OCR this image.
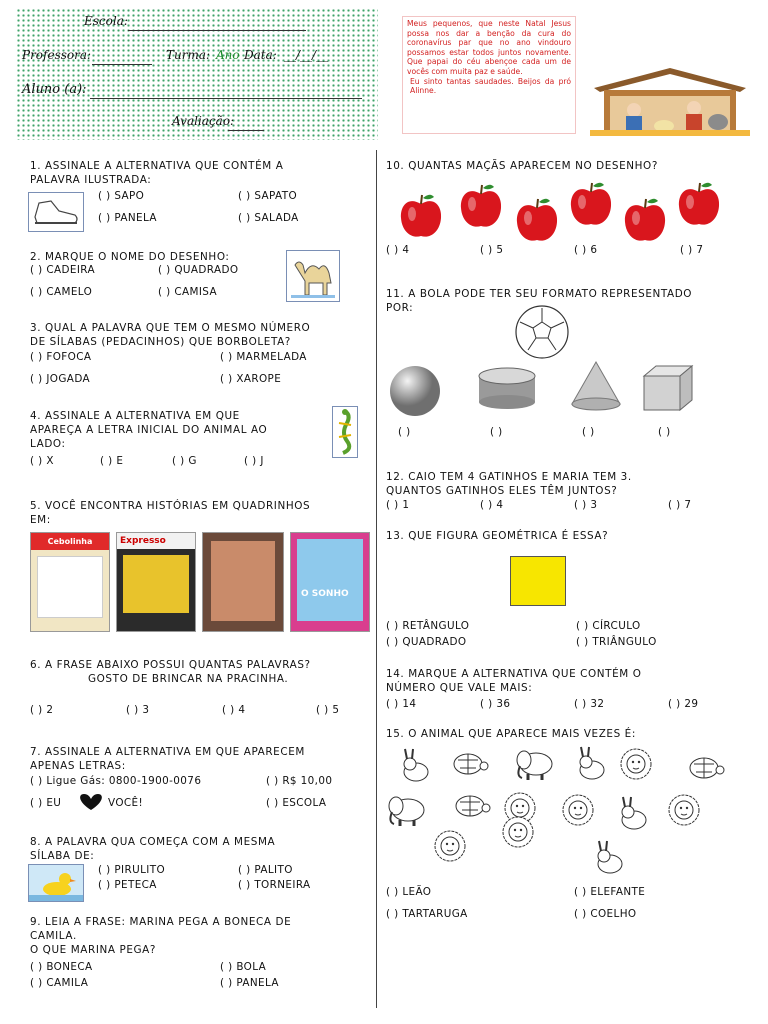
Escola:
Professora:	Turma: Ano Data: __/__/__
Aluno (a):
Avaliação:
Meus pequenos, que neste Natal Jesus possa nos dar a benção da cura do coronavírus par que no ano vindouro possamos estar todos juntos novamente. Que papai do céu abençoe cada um de vocês com muita paz e saúde.
Eu sinto tantas saudades. Beijos da pró Alinne.
1. ASSINALE A ALTERNATIVA QUE CONTÉM A
PALAVRA ILUSTRADA:
( ) SAPO	( ) SAPATO
( ) PANELA	( ) SALADA
2. MARQUE O NOME DO DESENHO:
( ) CADEIRA	( ) QUADRADO
( ) CAMELO	( ) CAMISA
3. QUAL A PALAVRA QUE TEM O MESMO NÚMERO
DE SÍLABAS (PEDACINHOS) QUE BORBOLETA?
( ) FOFOCA	( ) MARMELADA
( ) JOGADA	( ) XAROPE
4. ASSINALE A ALTERNATIVA EM QUE
APAREÇA A LETRA INICIAL DO ANIMAL AO
LADO:
( ) X	( ) E	( ) G	( ) J
5. VOCÊ ENCONTRA HISTÓRIAS EM QUADRINHOS
EM:
Cebolinha	Expresso
O SONHO
6. A FRASE ABAIXO POSSUI QUANTAS PALAVRAS?
GOSTO DE BRINCAR NA PRACINHA.
( ) 2	( ) 3	( ) 4	( ) 5
7. ASSINALE A ALTERNATIVA EM QUE APARECEM
APENAS LETRAS:
( ) Ligue Gás: 0800-1900-0076	( ) R$ 10,00
( ) EU	VOCÊ!	( ) ESCOLA
8. A PALAVRA QUA COMEÇA COM A MESMA
SÍLABA DE:
( ) PIRULITO	( ) PALITO
( ) PETECA	( ) TORNEIRA
9. LEIA A FRASE: MARINA PEGA A BONECA DE
CAMILA.
O QUE MARINA PEGA?
( ) BONECA	( ) BOLA
( ) CAMILA	( ) PANELA
10. QUANTAS MAÇÃS APARECEM NO DESENHO?
( ) 4	( ) 5	( ) 6	( ) 7
11. A BOLA PODE TER SEU FORMATO REPRESENTADO
POR:
( )	( )	( )	( )
12. CAIO TEM 4 GATINHOS E MARIA TEM 3.
QUANTOS GATINHOS ELES TÊM JUNTOS?
( ) 1	( ) 4	( ) 3	( ) 7
13. QUE FIGURA GEOMÉTRICA É ESSA?
( ) RETÂNGULO	( ) CÍRCULO
( ) QUADRADO	( ) TRIÂNGULO
14. MARQUE A ALTERNATIVA QUE CONTÉM O
NÚMERO QUE VALE MAIS:
( ) 14	( ) 36	( ) 32	( ) 29
15. O ANIMAL QUE APARECE MAIS VEZES É:
( ) LEÃO	( ) ELEFANTE
( ) TARTARUGA	( ) COELHO
